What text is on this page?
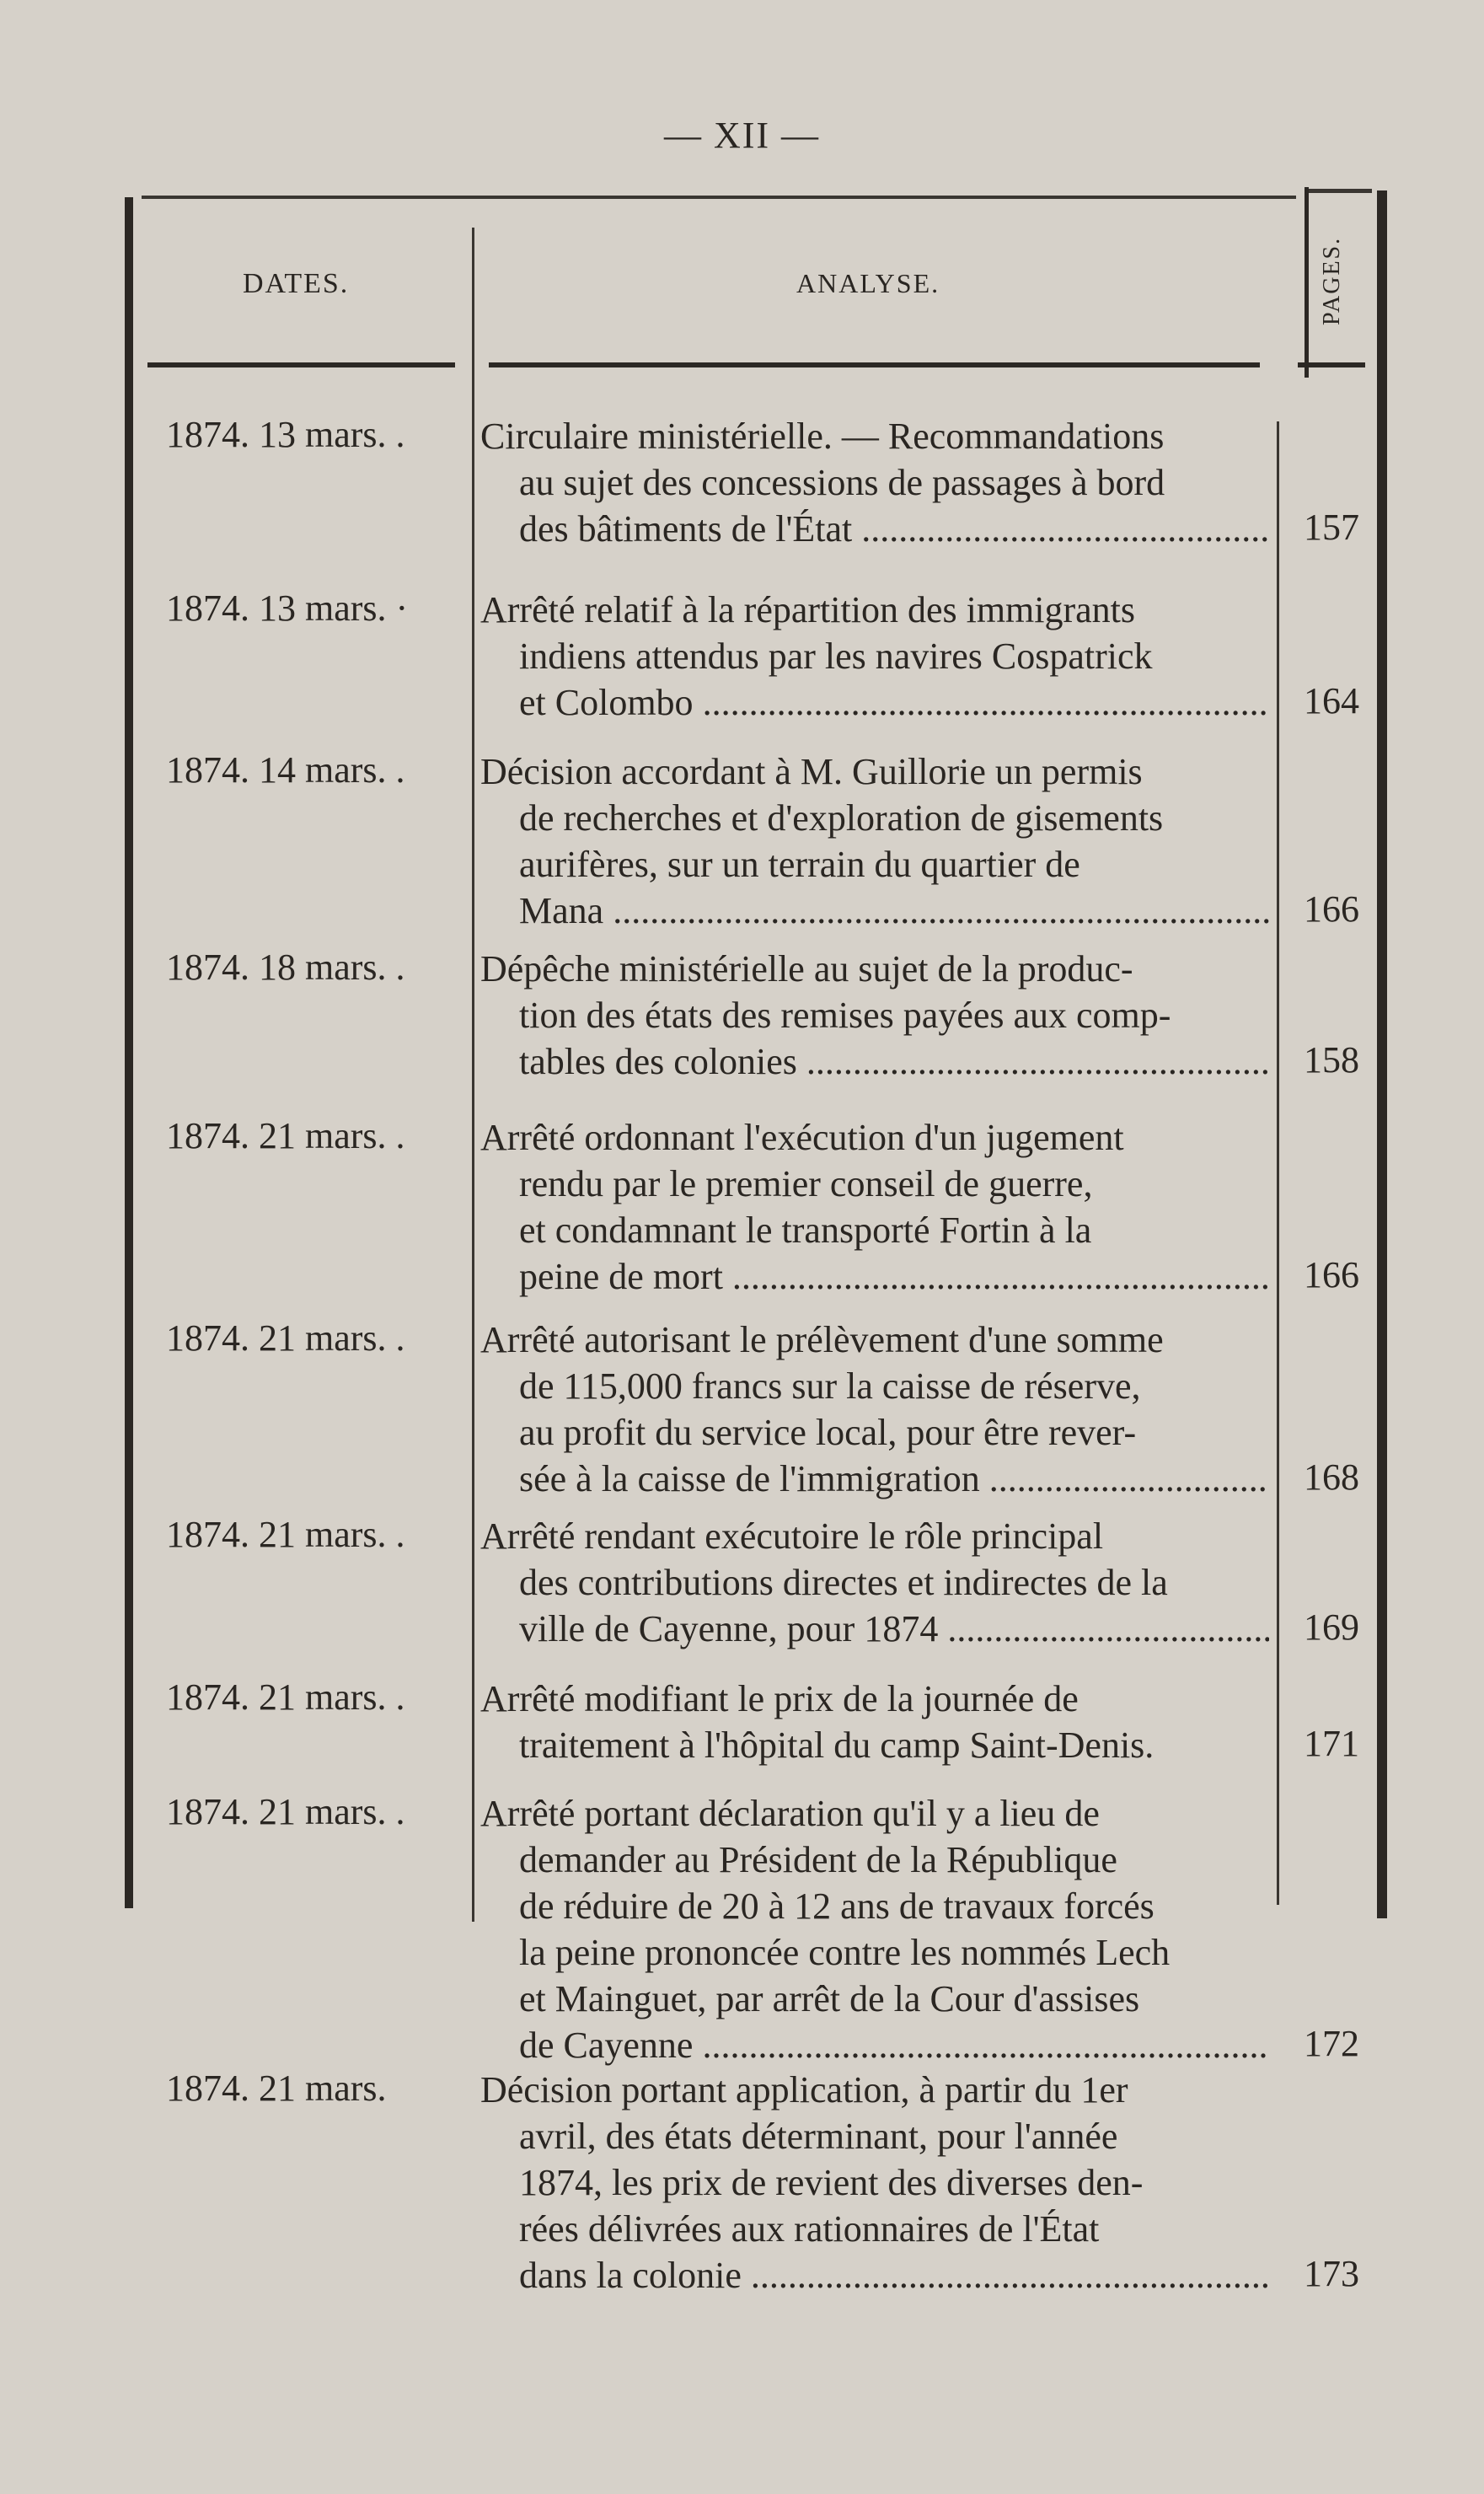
— XII —
DATES.	ANALYSE.	PAGES.
1874. 13 mars. . Circulaire ministérielle. — Recommandations
au sujet des concessions de passages à bord
des bâtiments de l'État .....	157
1874. 13 mars. · Arrêté relatif à la répartition des immigrants
indiens attendus par les navires Cospatrick
et Colombo .....	164
1874. 14 mars. . Décision accordant à M. Guillorie un permis
de recherches et d'exploration de gisements
aurifères, sur un terrain du quartier de
Mana .....	166
1874. 18 mars. . Dépêche ministérielle au sujet de la produc-
tion des états des remises payées aux comp-
tables des colonies .....	158
1874. 21 mars. . Arrêté ordonnant l'exécution d'un jugement
rendu par le premier conseil de guerre,
et condamnant le transporté Fortin à la
peine de mort .....	166
1874. 21 mars. . Arrêté autorisant le prélèvement d'une somme
de 115,000 francs sur la caisse de réserve,
au profit du service local, pour être rever-
sée à la caisse de l'immigration .....	168
1874. 21 mars. . Arrêté rendant exécutoire le rôle principal
des contributions directes et indirectes de la
ville de Cayenne, pour 1874 .....	169
1874. 21 mars. . Arrêté modifiant le prix de la journée de
traitement à l'hôpital du camp Saint-Denis.	171
1874. 21 mars. . Arrêté portant déclaration qu'il y a lieu de
demander au Président de la République
de réduire de 20 à 12 ans de travaux forcés
la peine prononcée contre les nommés Lech
et Mainguet, par arrêt de la Cour d'assises
de Cayenne .....	172
1874. 21 mars.	Décision portant application, à partir du 1er
avril, des états déterminant, pour l'année
1874, les prix de revient des diverses den-
rées délivrées aux rationnaires de l'État
dans la colonie .....	173
